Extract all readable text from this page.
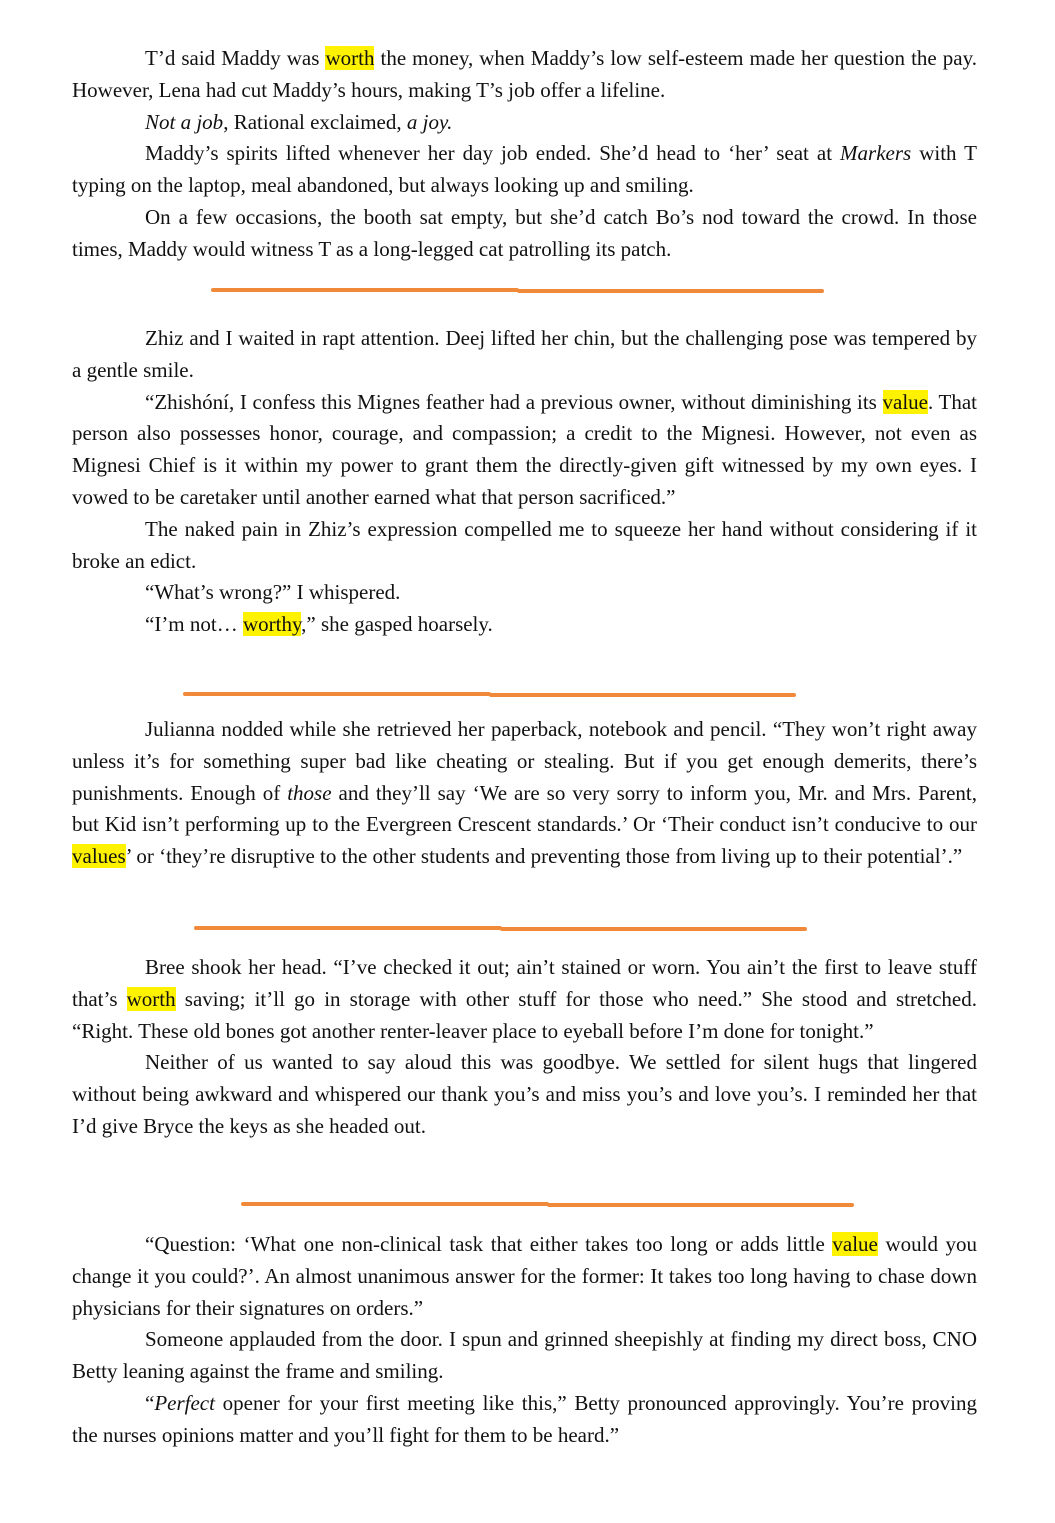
T’d said Maddy was worth the money, when Maddy’s low self-esteem made her question the pay. However, Lena had cut Maddy’s hours, making T’s job offer a lifeline.

Not a job, Rational exclaimed, a joy.

Maddy’s spirits lifted whenever her day job ended. She’d head to ‘her’ seat at Markers with T typing on the laptop, meal abandoned, but always looking up and smiling.

On a few occasions, the booth sat empty, but she’d catch Bo’s nod toward the crowd. In those times, Maddy would witness T as a long-legged cat patrolling its patch.

Zhiz and I waited in rapt attention. Deej lifted her chin, but the challenging pose was tempered by a gentle smile.

“Zhishóní, I confess this Mignes feather had a previous owner, without diminishing its value. That person also possesses honor, courage, and compassion; a credit to the Mignesi. However, not even as Mignesi Chief is it within my power to grant them the directly-given gift witnessed by my own eyes. I vowed to be caretaker until another earned what that person sacrificed.”

The naked pain in Zhiz’s expression compelled me to squeeze her hand without considering if it broke an edict.

“What’s wrong?” I whispered.

“I’m not… worthy,” she gasped hoarsely.

Julianna nodded while she retrieved her paperback, notebook and pencil. “They won’t right away unless it’s for something super bad like cheating or stealing. But if you get enough demerits, there’s punishments. Enough of those and they’ll say ‘We are so very sorry to inform you, Mr. and Mrs. Parent, but Kid isn’t performing up to the Evergreen Crescent standards.’ Or ‘Their conduct isn’t conducive to our values’ or ‘they’re disruptive to the other students and preventing those from living up to their potential’.”

Bree shook her head. “I’ve checked it out; ain’t stained or worn. You ain’t the first to leave stuff that’s worth saving; it’ll go in storage with other stuff for those who need.” She stood and stretched. “Right. These old bones got another renter-leaver place to eyeball before I’m done for tonight.”

Neither of us wanted to say aloud this was goodbye. We settled for silent hugs that lingered without being awkward and whispered our thank you’s and miss you’s and love you’s. I reminded her that I’d give Bryce the keys as she headed out.

“Question: ‘What one non-clinical task that either takes too long or adds little value would you change it you could?’. An almost unanimous answer for the former: It takes too long having to chase down physicians for their signatures on orders.”

Someone applauded from the door. I spun and grinned sheepishly at finding my direct boss, CNO Betty leaning against the frame and smiling.

“Perfect opener for your first meeting like this,” Betty pronounced approvingly. You’re proving the nurses opinions matter and you’ll fight for them to be heard.”
